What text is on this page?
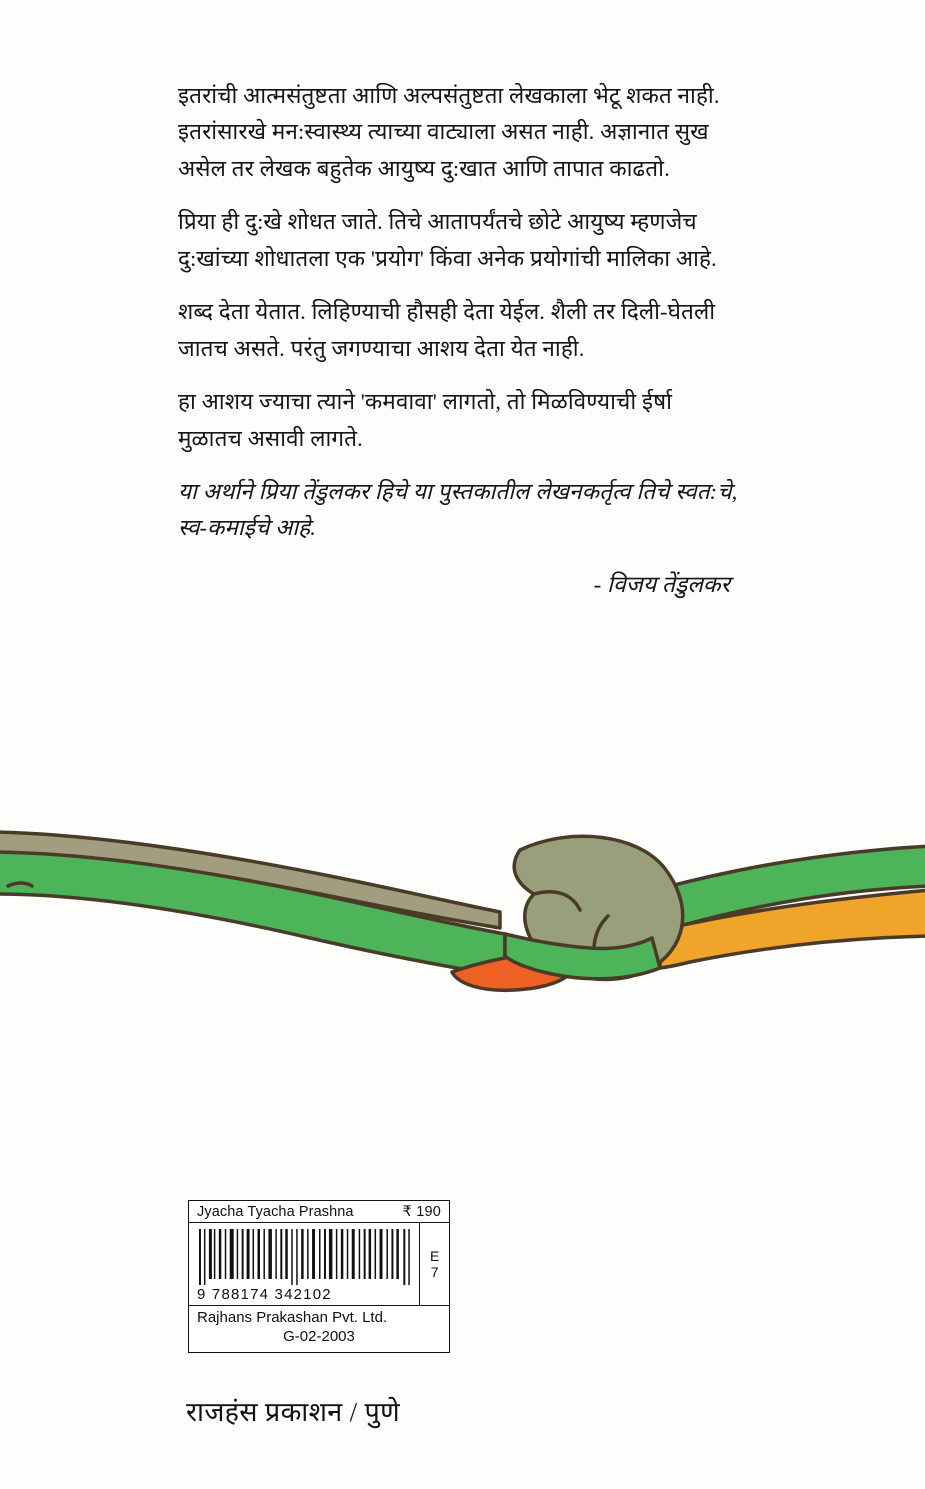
इतरांची आत्मसंतुष्टता आणि अल्पसंतुष्टता लेखकाला भेटू शकत नाही. इतरांसारखे मन:स्वास्थ्य त्याच्या वाट्याला असत नाही. अज्ञानात सुख असेल तर लेखक बहुतेक आयुष्य दु:खात आणि तापात काढतो.

प्रिया ही दु:खे शोधत जाते. तिचे आतापर्यंतचे छोटे आयुष्य म्हणजेच दु:खांच्या शोधातला एक 'प्रयोग' किंवा अनेक प्रयोगांची मालिका आहे.

शब्द देता येतात. लिहिण्याची हौसही देता येईल. शैली तर दिली-घेतली जातच असते. परंतु जगण्याचा आशय देता येत नाही.

हा आशय ज्याचा त्याने 'कमवावा' लागतो, तो मिळविण्याची ईर्षा मुळातच असावी लागते.

या अर्थाने प्रिया तेंडुलकर हिचे या पुस्तकातील लेखनकर्तृत्व तिचे स्वत:चे, स्व-कमाईचे आहे.

- विजय तेंडुलकर
Jyacha Tyacha Prashna	₹ 190
9 788174 342102
E
7
Rajhans Prakashan Pvt. Ltd.
G-02-2003
राजहंस प्रकाशन / पुणे
